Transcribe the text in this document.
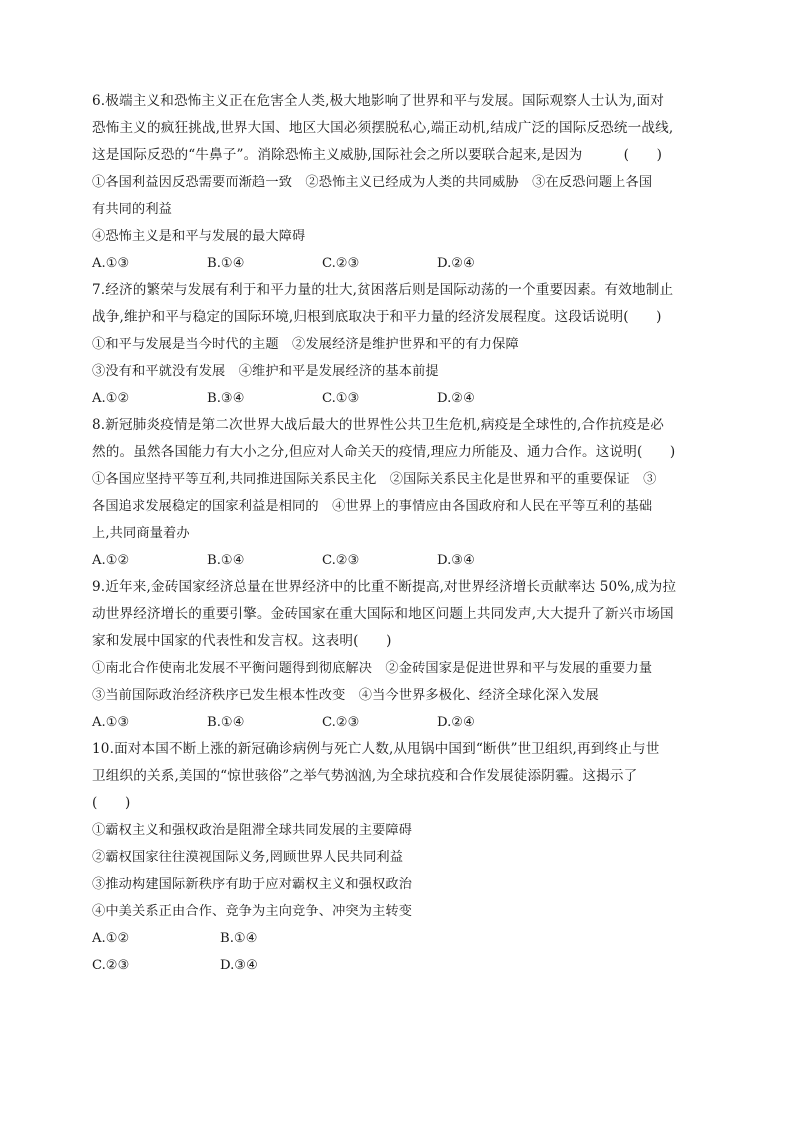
6.极端主义和恐怖主义正在危害全人类,极大地影响了世界和平与发展。国际观察人士认为,面对
恐怖主义的疯狂挑战,世界大国、地区大国必须摆脱私心,端正动机,结成广泛的国际反恐统一战线,
这是国际反恐的“牛鼻子”。消除恐怖主义威胁,国际社会之所以要联合起来,是因为　　　(　　)
①各国利益因反恐需要而渐趋一致　②恐怖主义已经成为人类的共同威胁　③在反恐问题上各国
有共同的利益
④恐怖主义是和平与发展的最大障碍
A.①③	B.①④	C.②③	D.②④
7.经济的繁荣与发展有利于和平力量的壮大,贫困落后则是国际动荡的一个重要因素。有效地制止
战争,维护和平与稳定的国际环境,归根到底取决于和平力量的经济发展程度。这段话说明(　　)
①和平与发展是当今时代的主题　②发展经济是维护世界和平的有力保障
③没有和平就没有发展　④维护和平是发展经济的基本前提
A.①②	B.③④	C.①③	D.②④
8.新冠肺炎疫情是第二次世界大战后最大的世界性公共卫生危机,病疫是全球性的,合作抗疫是必
然的。虽然各国能力有大小之分,但应对人命关天的疫情,理应力所能及、通力合作。这说明(　　)
①各国应坚持平等互利,共同推进国际关系民主化　②国际关系民主化是世界和平的重要保证　③
各国追求发展稳定的国家利益是相同的　④世界上的事情应由各国政府和人民在平等互利的基础
上,共同商量着办
A.①②	B.①④	C.②③	D.③④
9.近年来,金砖国家经济总量在世界经济中的比重不断提高,对世界经济增长贡献率达 50%,成为拉
动世界经济增长的重要引擎。金砖国家在重大国际和地区问题上共同发声,大大提升了新兴市场国
家和发展中国家的代表性和发言权。这表明(　　)
①南北合作使南北发展不平衡问题得到彻底解决　②金砖国家是促进世界和平与发展的重要力量
③当前国际政治经济秩序已发生根本性改变　④当今世界多极化、经济全球化深入发展
A.①③	B.①④	C.②③	D.②④
10.面对本国不断上涨的新冠确诊病例与死亡人数,从甩锅中国到“断供”世卫组织,再到终止与世
卫组织的关系,美国的“惊世骇俗”之举气势汹汹,为全球抗疫和合作发展徒添阴霾。这揭示了
(　　)
①霸权主义和强权政治是阻滞全球共同发展的主要障碍
②霸权国家往往漠视国际义务,罔顾世界人民共同利益
③推动构建国际新秩序有助于应对霸权主义和强权政治
④中美关系正由合作、竞争为主向竞争、冲突为主转变
A.①②	B.①④
C.②③	D.③④
